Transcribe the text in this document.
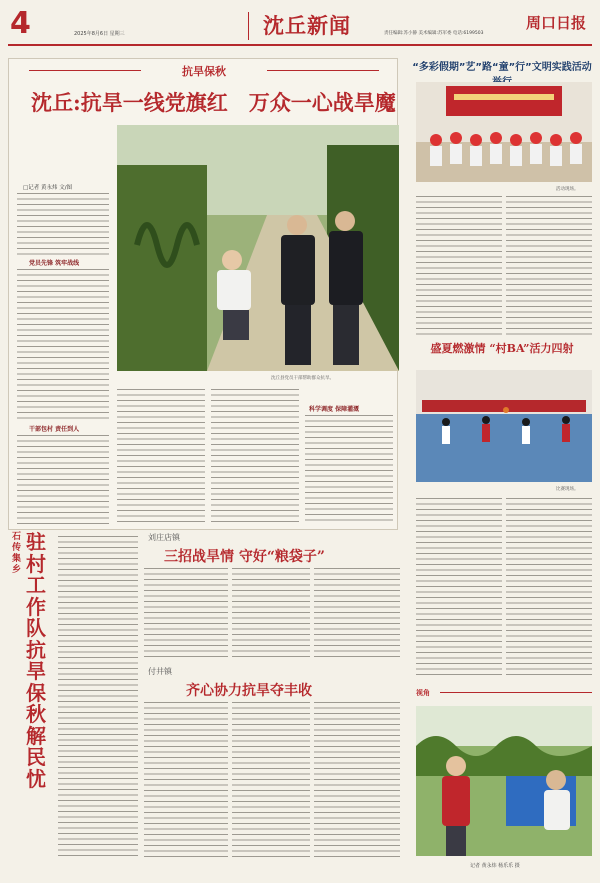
4	2025年8月6日 星期三	沈丘新闻	责任编辑:苏小静 美术编辑:苏军委 电话:6199503
周口日报
抗旱保秋
沈丘:抗旱一线党旗红　万众一心战旱魔
□记者 黄永炜 文/图
党员先锋 筑牢战线
干部包村 责任到人
沈丘县党员干部帮助群众抗旱。
科学调度 保障灌溉
石传集乡
驻村工作队抗旱保秋解民忧
刘庄店镇
三招战旱情 守好“粮袋子”
付井镇
齐心协力抗旱夺丰收
“多彩假期”艺”路“童”行”文明实践活动
活动现场。
盛夏燃激情 “村BA”活力四射
比赛现场。
视角
记者 黄永炜 杨乐乐 摄
